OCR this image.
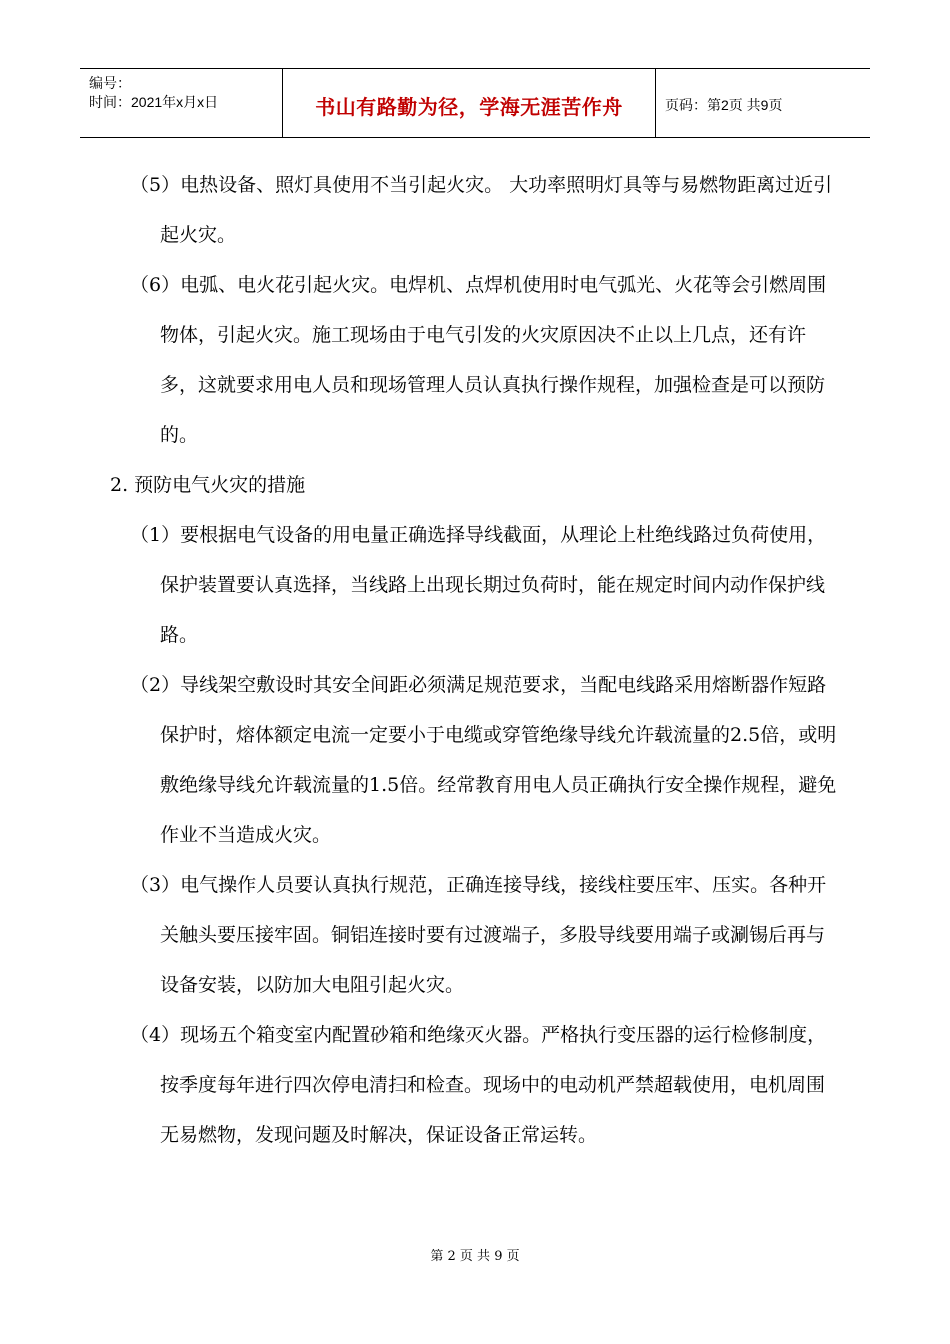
编号：
时间：2021年x月x日	书山有路勤为径，学海无涯苦作舟	页码：第2页 共9页

（5）电热设备、照灯具使用不当引起火灾。 大功率照明灯具等与易燃物距离过近引起火灾。

（6）电弧、电火花引起火灾。电焊机、点焊机使用时电气弧光、火花等会引燃周围物体，引起火灾。施工现场由于电气引发的火灾原因决不止以上几点，还有许多，这就要求用电人员和现场管理人员认真执行操作规程，加强检查是可以预防的。

2. 预防电气火灾的措施

（1）要根据电气设备的用电量正确选择导线截面，从理论上杜绝线路过负荷使用，保护装置要认真选择，当线路上出现长期过负荷时，能在规定时间内动作保护线路。

（2）导线架空敷设时其安全间距必须满足规范要求，当配电线路采用熔断器作短路保护时，熔体额定电流一定要小于电缆或穿管绝缘导线允许载流量的2.5倍，或明敷绝缘导线允许载流量的1.5倍。经常教育用电人员正确执行安全操作规程，避免作业不当造成火灾。

（3）电气操作人员要认真执行规范，正确连接导线，接线柱要压牢、压实。各种开关触头要压接牢固。铜铝连接时要有过渡端子，多股导线要用端子或涮锡后再与设备安装，以防加大电阻引起火灾。

（4）现场五个箱变室内配置砂箱和绝缘灭火器。严格执行变压器的运行检修制度，按季度每年进行四次停电清扫和检查。现场中的电动机严禁超载使用，电机周围无易燃物，发现问题及时解决，保证设备正常运转。

第 2 页 共 9 页
